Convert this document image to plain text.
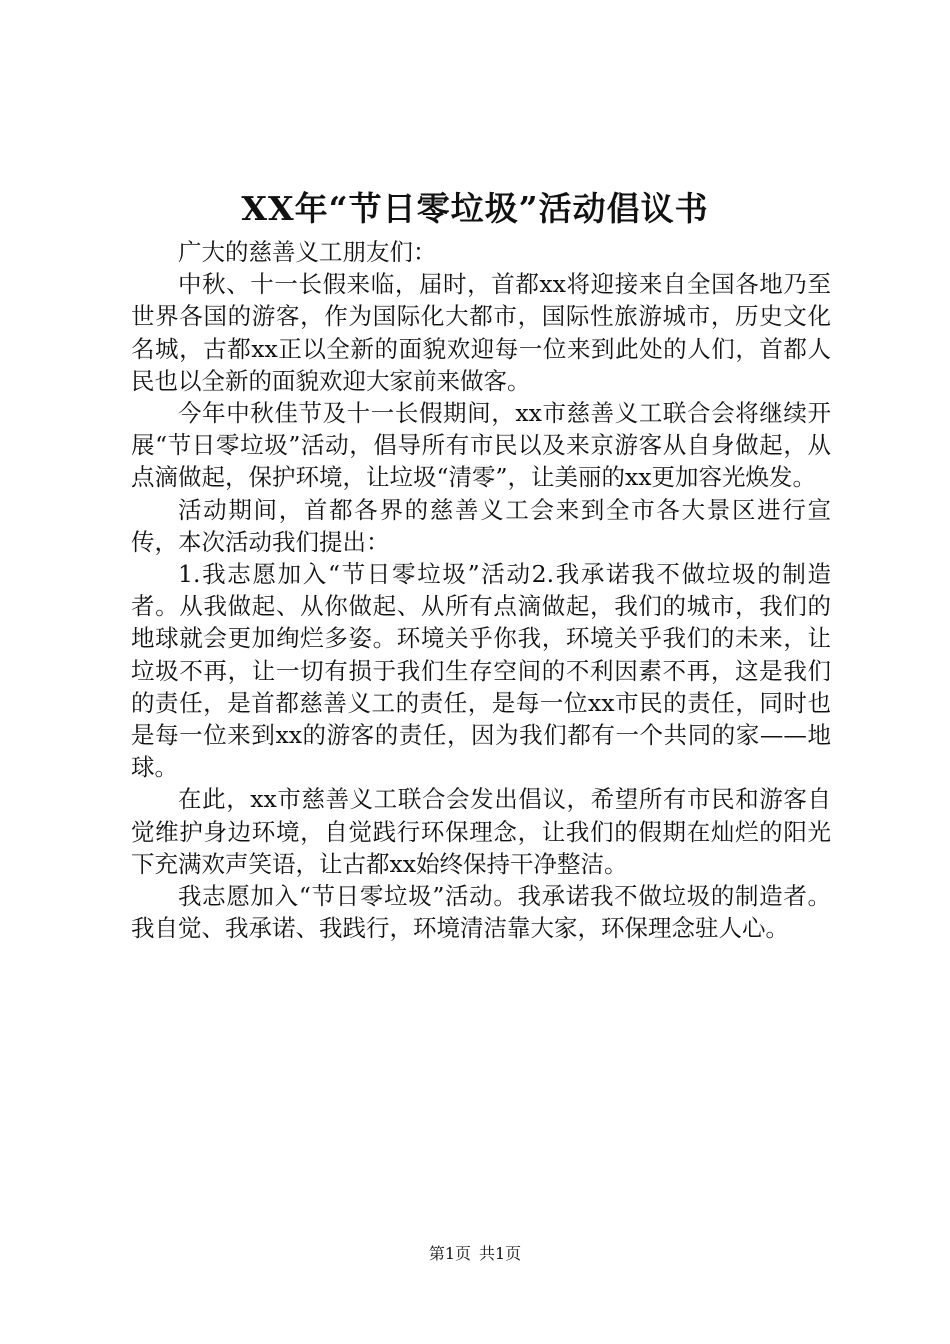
XX年“节日零垃圾”活动倡议书

广大的慈善义工朋友们：

中秋、十一长假来临，届时，首都xx将迎接来自全国各地乃至世界各国的游客，作为国际化大都市，国际性旅游城市，历史文化名城，古都xx正以全新的面貌欢迎每一位来到此处的人们，首都人民也以全新的面貌欢迎大家前来做客。

今年中秋佳节及十一长假期间，xx市慈善义工联合会将继续开展“节日零垃圾”活动，倡导所有市民以及来京游客从自身做起，从点滴做起，保护环境，让垃圾“清零”，让美丽的xx更加容光焕发。

活动期间，首都各界的慈善义工会来到全市各大景区进行宣传，本次活动我们提出：

1.我志愿加入“节日零垃圾”活动2.我承诺我不做垃圾的制造者。从我做起、从你做起、从所有点滴做起，我们的城市，我们的地球就会更加绚烂多姿。环境关乎你我，环境关乎我们的未来，让垃圾不再，让一切有损于我们生存空间的不利因素不再，这是我们的责任，是首都慈善义工的责任，是每一位xx市民的责任，同时也是每一位来到xx的游客的责任，因为我们都有一个共同的家——地球。

在此，xx市慈善义工联合会发出倡议，希望所有市民和游客自觉维护身边环境，自觉践行环保理念，让我们的假期在灿烂的阳光下充满欢声笑语，让古都xx始终保持干净整洁。

我志愿加入“节日零垃圾”活动。我承诺我不做垃圾的制造者。我自觉、我承诺、我践行，环境清洁靠大家，环保理念驻人心。

第1页 共1页
